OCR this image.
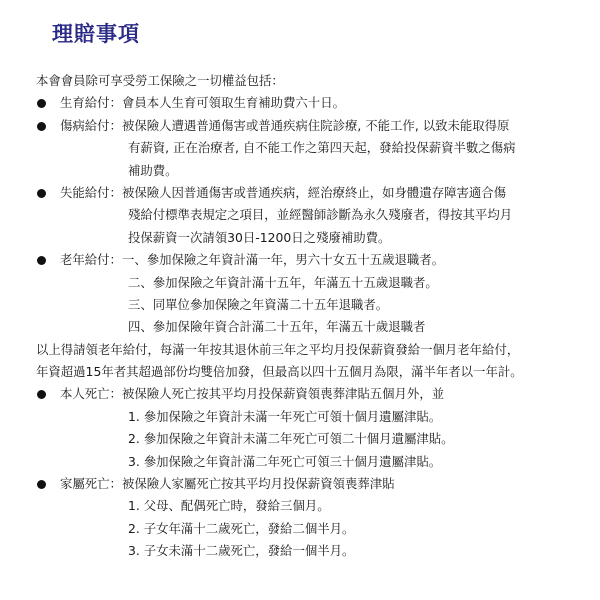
理賠事項
本會會員除可享受勞工保險之一切權益包括：
生育給付：會員本人生育可領取生育補助費六十日。
傷病給付：被保險人遭遇普通傷害或普通疾病住院診療, 不能工作, 以致未能取得原
有薪資, 正在治療者, 自不能工作之第四天起，發給投保薪資半數之傷病
補助費。
失能給付：被保險人因普通傷害或普通疾病，經治療終止，如身體遺存障害適合傷
殘給付標準表規定之項目，並經醫師診斷為永久殘廢者，得按其平均月
投保薪資一次請領30日-1200日之殘廢補助費。
老年給付：一、參加保險之年資計滿一年，男六十女五十五歲退職者。
二、參加保險之年資計滿十五年，年滿五十五歲退職者。
三、同單位參加保險之年資滿二十五年退職者。
四、參加保險年資合計滿二十五年，年滿五十歲退職者
以上得請領老年給付，每滿一年按其退休前三年之平均月投保薪資發給一個月老年給付，
年資超過15年者其超過部份均雙倍加發，但最高以四十五個月為限，滿半年者以一年計。
本人死亡：被保險人死亡按其平均月投保薪資領喪葬津貼五個月外，並
1. 參加保險之年資計未滿一年死亡可領十個月遺屬津貼。
2. 參加保險之年資計未滿二年死亡可領二十個月遺屬津貼。
3. 參加保險之年資計滿二年死亡可領三十個月遺屬津貼。
家屬死亡：被保險人家屬死亡按其平均月投保薪資領喪葬津貼
1. 父母、配偶死亡時，發給三個月。
2. 子女年滿十二歲死亡，發給二個半月。
3. 子女未滿十二歲死亡，發給一個半月。
